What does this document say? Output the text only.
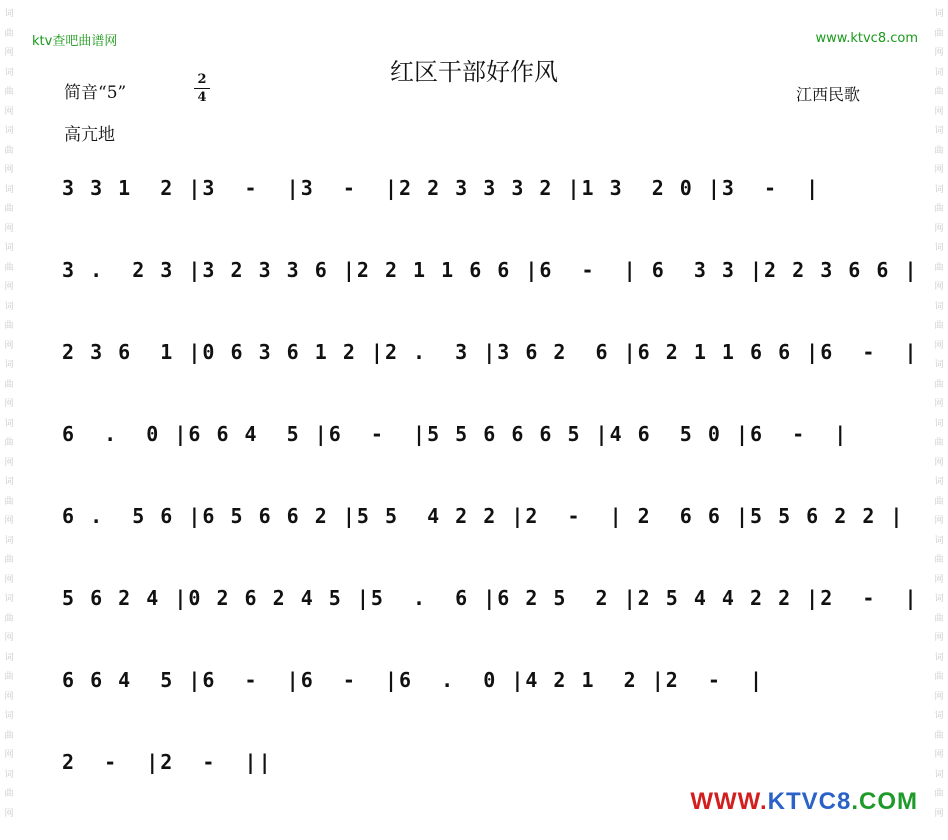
词
曲
网
词
曲
网
词
曲
网
词
曲
网
词
曲
网
词
曲
网
词
曲
网
词
曲
网
词
曲
网
词
曲
网
词
曲
网
词
曲
网
词
曲
网
词
曲
网
词
曲
网
词
曲
网
词
曲
网
词
曲
网
词
曲
网
词
曲
网
词
曲
网
词
曲
网
词
曲
网
词
曲
网
词
曲
网
词
曲
网
词
曲
网
词
曲
网
ktv查吧曲谱网	www.ktvc8.com
红区干部好作风
简音“5”
2
4	江西民歌
高亢地
3 3 1  2 |3  -  |3  -  |2 2 3 3 3 2 |1 3  2 0 |3  -  |
3 .  2 3 |3 2 3 3 6 |2 2 1 1 6 6 |6  -  | 6  3 3 |2 2 3 6 6 |
2 3 6  1 |0 6 3 6 1 2 |2 .  3 |3 6 2  6 |6 2 1 1 6 6 |6  -  |
6  .  0 |6 6 4  5 |6  -  |5 5 6 6 6 5 |4 6  5 0 |6  -  |
6 .  5 6 |6 5 6 6 2 |5 5  4 2 2 |2  -  | 2  6 6 |5 5 6 2 2 |
5 6 2 4 |0 2 6 2 4 5 |5  .  6 |6 2 5  2 |2 5 4 4 2 2 |2  -  |
6 6 4  5 |6  -  |6  -  |6  .  0 |4 2 1  2 |2  -  |
2  -  |2  -  ||
WWW.KTVC8.COM
